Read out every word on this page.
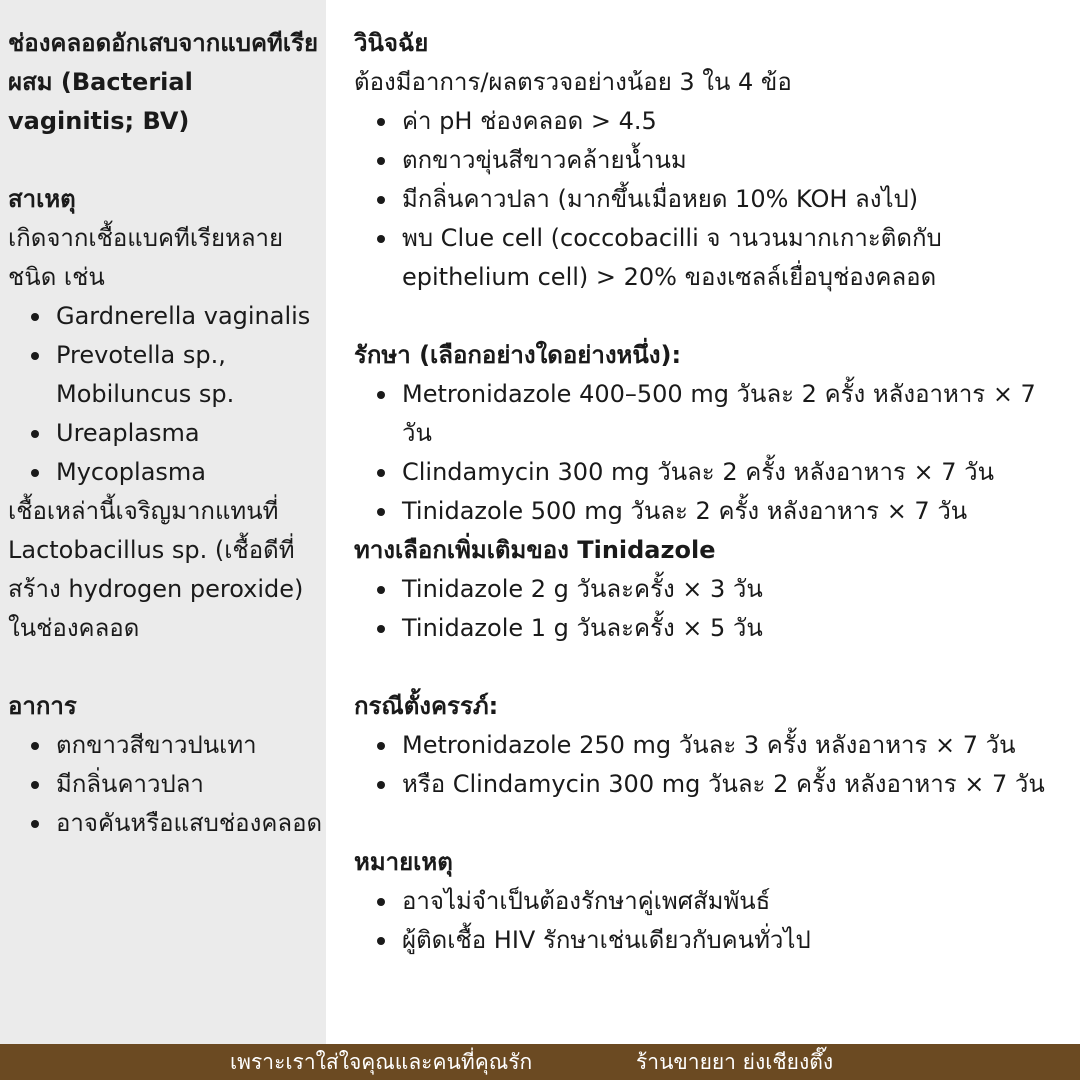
ช่องคลอดอักเสบจากแบคทีเรียผสม (Bacterial vaginitis; BV)

สาเหตุ

เกิดจากเชื้อแบคทีเรียหลายชนิด เช่น

Gardnerella vaginalis
Prevotella sp., Mobiluncus sp.
Ureaplasma
Mycoplasma

เชื้อเหล่านี้เจริญมากแทนที่ Lactobacillus sp. (เชื้อดีที่สร้าง hydrogen peroxide) ในช่องคลอด

อาการ

ตกขาวสีขาวปนเทา
มีกลิ่นคาวปลา
อาจคันหรือแสบช่องคลอด

วินิจฉัย

ต้องมีอาการ/ผลตรวจอย่างน้อย 3 ใน 4 ข้อ

ค่า pH ช่องคลอด > 4.5
ตกขาวขุ่นสีขาวคล้ายน้ำนม
มีกลิ่นคาวปลา (มากขึ้นเมื่อหยด 10% KOH ลงไป)
พบ Clue cell (coccobacilli จ านวนมากเกาะติดกับ epithelium cell) > 20% ของเซลล์เยื่อบุช่องคลอด

รักษา (เลือกอย่างใดอย่างหนึ่ง):

Metronidazole 400–500 mg วันละ 2 ครั้ง หลังอาหาร × 7 วัน
Clindamycin 300 mg วันละ 2 ครั้ง หลังอาหาร × 7 วัน
Tinidazole 500 mg วันละ 2 ครั้ง หลังอาหาร × 7 วัน

ทางเลือกเพิ่มเติมของ Tinidazole

Tinidazole 2 g วันละครั้ง × 3 วัน
Tinidazole 1 g วันละครั้ง × 5 วัน

กรณีตั้งครรภ์:

Metronidazole 250 mg วันละ 3 ครั้ง หลังอาหาร × 7 วัน
หรือ Clindamycin 300 mg วันละ 2 ครั้ง หลังอาหาร × 7 วัน

หมายเหตุ

อาจไม่จำเป็นต้องรักษาคู่เพศสัมพันธ์
ผู้ติดเชื้อ HIV รักษาเช่นเดียวกับคนทั่วไป
เพราะเราใส่ใจคุณและคนที่คุณรัก	ร้านขายยา ย่งเชียงตึ๊ง
